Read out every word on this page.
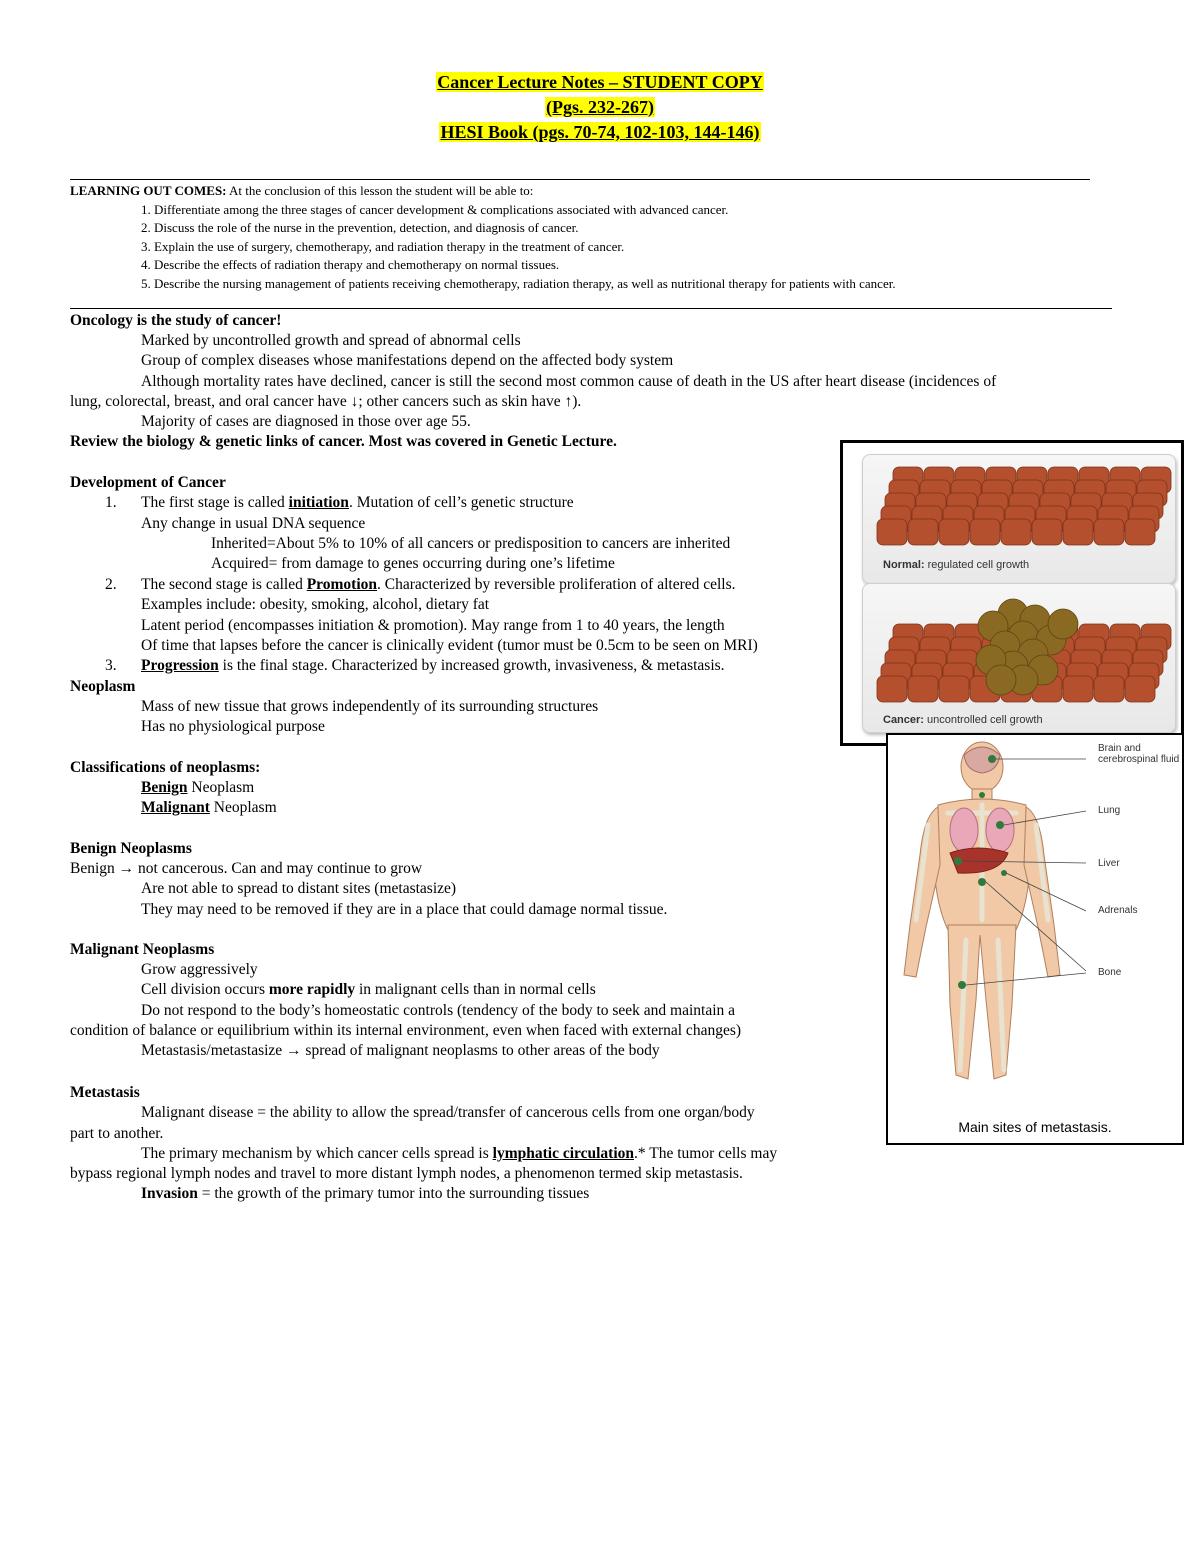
Cancer Lecture Notes – STUDENT COPY
(Pgs. 232-267)
HESI Book (pgs. 70-74, 102-103, 144-146)
LEARNING OUT COMES: At the conclusion of this lesson the student will be able to:
1. Differentiate among the three stages of cancer development & complications associated with advanced cancer.
2. Discuss the role of the nurse in the prevention, detection, and diagnosis of cancer.
3. Explain the use of surgery, chemotherapy, and radiation therapy in the treatment of cancer.
4. Describe the effects of radiation therapy and chemotherapy on normal tissues.
5. Describe the nursing management of patients receiving chemotherapy, radiation therapy, as well as nutritional therapy for patients with cancer.
Oncology is the study of cancer!
Marked by uncontrolled growth and spread of abnormal cells
Group of complex diseases whose manifestations depend on the affected body system
Although mortality rates have declined, cancer is still the second most common cause of death in the US after heart disease (incidences of
lung, colorectal, breast, and oral cancer have ↓; other cancers such as skin have ↑).
Majority of cases are diagnosed in those over age 55.
Review the biology & genetic links of cancer. Most was covered in Genetic Lecture.
Development of Cancer
1. The first stage is called initiation. Mutation of cell’s genetic structure
Any change in usual DNA sequence
Inherited=About 5% to 10% of all cancers or predisposition to cancers are inherited
Acquired= from damage to genes occurring during one’s lifetime
2. The second stage is called Promotion. Characterized by reversible proliferation of altered cells.
Examples include: obesity, smoking, alcohol, dietary fat
Latent period (encompasses initiation & promotion). May range from 1 to 40 years, the length
Of time that lapses before the cancer is clinically evident (tumor must be 0.5cm to be seen on MRI)
3. Progression is the final stage. Characterized by increased growth, invasiveness, & metastasis.
Neoplasm
Mass of new tissue that grows independently of its surrounding structures
Has no physiological purpose
Classifications of neoplasms:
Benign Neoplasm
Malignant Neoplasm
Benign Neoplasms
Benign → not cancerous. Can and may continue to grow
Are not able to spread to distant sites (metastasize)
They may need to be removed if they are in a place that could damage normal tissue.
Malignant Neoplasms
Grow aggressively
Cell division occurs more rapidly in malignant cells than in normal cells
Do not respond to the body’s homeostatic controls (tendency of the body to seek and maintain a
condition of balance or equilibrium within its internal environment, even when faced with external changes)
Metastasis/metastasize → spread of malignant neoplasms to other areas of the body
Metastasis
Malignant disease = the ability to allow the spread/transfer of cancerous cells from one organ/body
part to another.
The primary mechanism by which cancer cells spread is lymphatic circulation.* The tumor cells may
bypass regional lymph nodes and travel to more distant lymph nodes, a phenomenon termed skip metastasis.
Invasion = the growth of the primary tumor into the surrounding tissues
Normal: regulated cell growth
Cancer: uncontrolled cell growth
Brain and cerebrospinal fluid
Lung
Liver
Adrenals
Bone
Main sites of metastasis.
